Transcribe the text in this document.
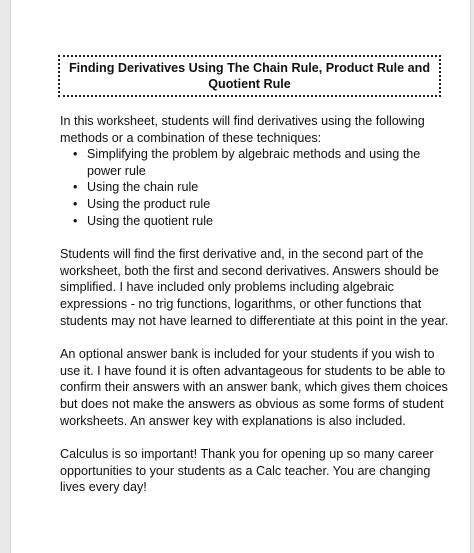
Finding Derivatives Using The Chain Rule, Product Rule and Quotient Rule

In this worksheet, students will find derivatives using the following methods or a combination of these techniques:

• Simplifying the problem by algebraic methods and using the power rule
• Using the chain rule
• Using the product rule
• Using the quotient rule

Students will find the first derivative and, in the second part of the worksheet, both the first and second derivatives. Answers should be simplified. I have included only problems including algebraic expressions - no trig functions, logarithms, or other functions that students may not have learned to differentiate at this point in the year.

An optional answer bank is included for your students if you wish to use it. I have found it is often advantageous for students to be able to confirm their answers with an answer bank, which gives them choices but does not make the answers as obvious as some forms of student worksheets. An answer key with explanations is also included.

Calculus is so important! Thank you for opening up so many career opportunities to your students as a Calc teacher. You are changing lives every day!
